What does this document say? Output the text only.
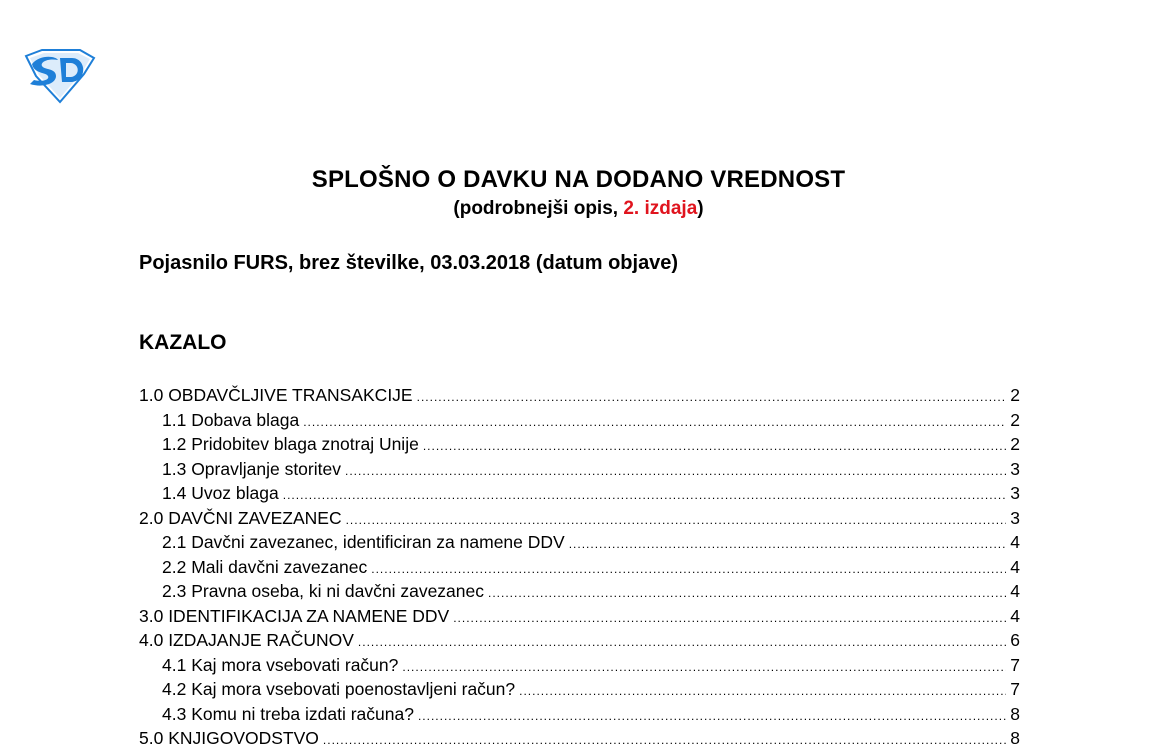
SPLOŠNO O DAVKU NA DODANO VREDNOST
(podrobnejši opis, 2. izdaja)
Pojasnilo FURS, brez številke, 03.03.2018 (datum objave)
KAZALO
1.0 OBDAVČLJIVE TRANSAKCIJE .....	2
1.1 Dobava blaga .....	2
1.2 Pridobitev blaga znotraj Unije .....	2
1.3 Opravljanje storitev .....	3
1.4 Uvoz blaga .....	3
2.0 DAVČNI ZAVEZANEC .....	3
2.1 Davčni zavezanec, identificiran za namene DDV .....	4
2.2 Mali davčni zavezanec .....	4
2.3 Pravna oseba, ki ni davčni zavezanec .....	4
3.0 IDENTIFIKACIJA ZA NAMENE DDV .....	4
4.0 IZDAJANJE RAČUNOV .....	6
4.1 Kaj mora vsebovati račun? .....	7
4.2 Kaj mora vsebovati poenostavljeni račun? .....	7
4.3 Komu ni treba izdati računa? .....	8
5.0 KNJIGOVODSTVO .....	8
